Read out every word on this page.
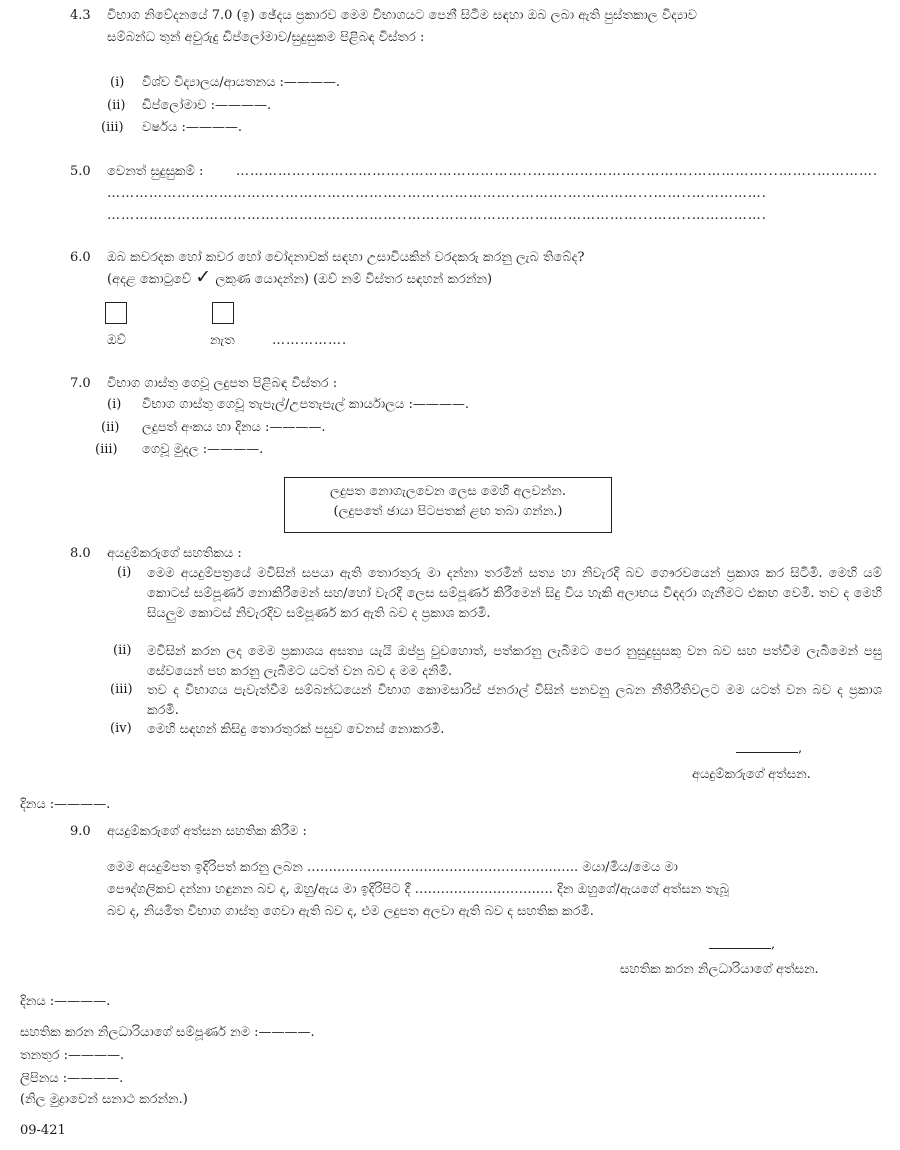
4.3 විභාග නිවේදනයේ 7.0 (ඉ) ඡේදය ප්‍රකාරව මෙම විභාගයට පෙනී සිටීම සඳහා ඔබ ලබා ඇති පුස්තකාල විද්‍යාව
සම්බන්ධ තුන් අවුරුදු ඩිප්ලෝමාව/සුදුසුකම පිළිබඳ විස්තර :
(i) විශ්ව විද්‍යාලය/ආයතනය :————.
(ii) ඩිප්ලෝමාව :————.
(iii) වර්ෂය :————.
5.0 වෙනත් සුදුසුකම් :	……………..………………..……………………..…….……………..……….……………...……..………….
………………………………..……………………..…….……………..……….……………...……..…………….
………………………………..……………………..…….……………..……….……………...……..…………….
6.0 ඔබ කවරදක හෝ කවර හෝ චෝදනාවක් සඳහා උසාවියකින් වරදකරු කරනු ලැබ තිබේද?
(අදළ කොටුවේ ✓ ලකුණ යොදන්න) (ඔව් නම් විස්තර සඳහන් කරන්න)
ඔව්	නැත	…………….
7.0 විභාග ගාස්තු ගෙවූ ලදුපත පිළිබඳ විස්තර :
(i) විභාග ගාස්තු ගෙවූ තැපැල්/උපතැපැල් කාර්යාලය :————.
(ii) ලදුපත් අංකය හා දිනය :————.
(iii) ගෙවූ මුදල :————.
ලදුපත නොගැලවෙන ලෙස මෙහි අලවන්න.
(ලදුපතේ ඡායා පිටපතක් ළඟ තබා ගන්න.)
8.0 අයදුම්කරුගේ සහතිකය :
(i) මෙම අයදුම්පත්‍රයේ මවිසින් සපයා ඇති තොරතුරු මා දන්නා තරමින් සත්‍ය හා නිවැරදි බව ගෞරවයෙන් ප්‍රකාශ කර සිටිමි. මෙහි යම් කොටස් සම්පූර්ණ නොකිරීමෙන් සහ/හෝ වැරදි ලෙස සම්පූර්ණ කිරීමෙන් සිදු විය හැකි අලාභය විඳදරා ගැනීමට එකඟ වෙමි. තව ද මෙහි සියලුම කොටස් නිවැරදිව සම්පූර්ණ කර ඇති බව ද ප්‍රකාශ කරමි.
(ii) මවිසින් කරන ලද මෙම ප්‍රකාශය අසත්‍ය යැයි ඔප්පු වුවහොත්, පත්කරනු ලැබීමට පෙර නුසුදුසුසකු වන බව සහ පත්වීම ලැබීමෙන් පසු සේවයෙන් පහ කරනු ලැබීමට යටත් වන බව ද මම දනිමි.
(iii) තව ද විභාගය පැවැත්වීම සම්බන්ධයෙන් විභාග කොමසාරිස් ජනරාල් විසින් පනවනු ලබන නීතිරීතිවලට මම යටත් වන බව ද ප්‍රකාශ කරමි.
(iv) මෙහි සඳහන් කිසිදු තොරතුරක් පසුව වෙනස් නොකරමි.
,
අයදුම්කරුගේ අත්සන.
දිනය :————.
9.0 අයදුම්කරුගේ අත්සන සහතික කිරීම :
මෙම අයදුම්පත ඉදිරිපත් කරනු ලබන ……..…………………..……………………...….. මයා/මිය/මෙය මා
පෞද්ගලිකව දන්නා හඳුනන බව ද, ඔහු/ඇය මා ඉදිරිපිට දී ……………………….…. දින ඔහුගේ/ඇයගේ අත්සන තැබූ
බව ද, නියමිත විභාග ගාස්තු ගෙවා ඇති බව ද, එම ලදුපත අලවා ඇති බව ද සහතික කරමි.
,
සහතික කරන නිලධාරියාගේ අත්සන.
දිනය :————.
සහතික කරන නිලධාරියාගේ සම්පූර්ණ නම :————.
තනතුර :————.
ලිපිනය :————.
(නිල මුද්‍රාවෙන් සනාථ කරන්න.)
09-421
